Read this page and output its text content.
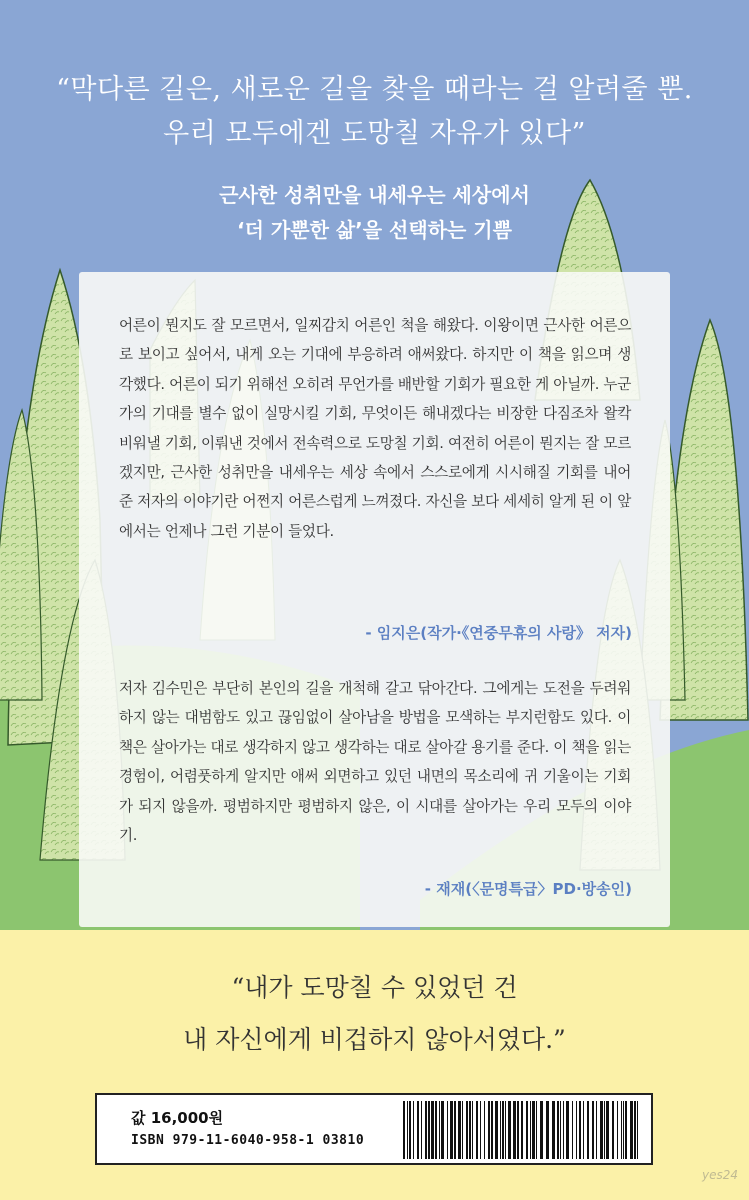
“막다른 길은, 새로운 길을 찾을 때라는 걸 알려줄 뿐.
우리 모두에겐 도망칠 자유가 있다”
근사한 성취만을 내세우는 세상에서
‘더 가뿐한 삶’을 선택하는 기쁨
어른이 뭔지도 잘 모르면서, 일찌감치 어른인 척을 해왔다. 이왕이면 근사한 어른으로 보이고 싶어서, 내게 오는 기대에 부응하려 애써왔다. 하지만 이 책을 읽으며 생각했다. 어른이 되기 위해선 오히려 무언가를 배반할 기회가 필요한 게 아닐까. 누군가의 기대를 별수 없이 실망시킬 기회, 무엇이든 해내겠다는 비장한 다짐조차 왈칵 비워낼 기회, 이뤄낸 것에서 전속력으로 도망칠 기회. 여전히 어른이 뭔지는 잘 모르겠지만, 근사한 성취만을 내세우는 세상 속에서 스스로에게 시시해질 기회를 내어준 저자의 이야기란 어쩐지 어른스럽게 느껴졌다. 자신을 보다 세세히 알게 된 이 앞에서는 언제나 그런 기분이 들었다.
- 임지은(작가·《연중무휴의 사랑》 저자)
저자 김수민은 부단히 본인의 길을 개척해 갈고 닦아간다. 그에게는 도전을 두려워하지 않는 대범함도 있고 끊임없이 살아남을 방법을 모색하는 부지런함도 있다. 이 책은 살아가는 대로 생각하지 않고 생각하는 대로 살아갈 용기를 준다. 이 책을 읽는 경험이, 어렴풋하게 알지만 애써 외면하고 있던 내면의 목소리에 귀 기울이는 기회가 되지 않을까. 평범하지만 평범하지 않은, 이 시대를 살아가는 우리 모두의 이야기.
- 재재(〈문명특급〉PD·방송인)
“내가 도망칠 수 있었던 건
내 자신에게 비겁하지 않아서였다.”
값 16,000원
ISBN 979-11-6040-958-1 03810
yes24
